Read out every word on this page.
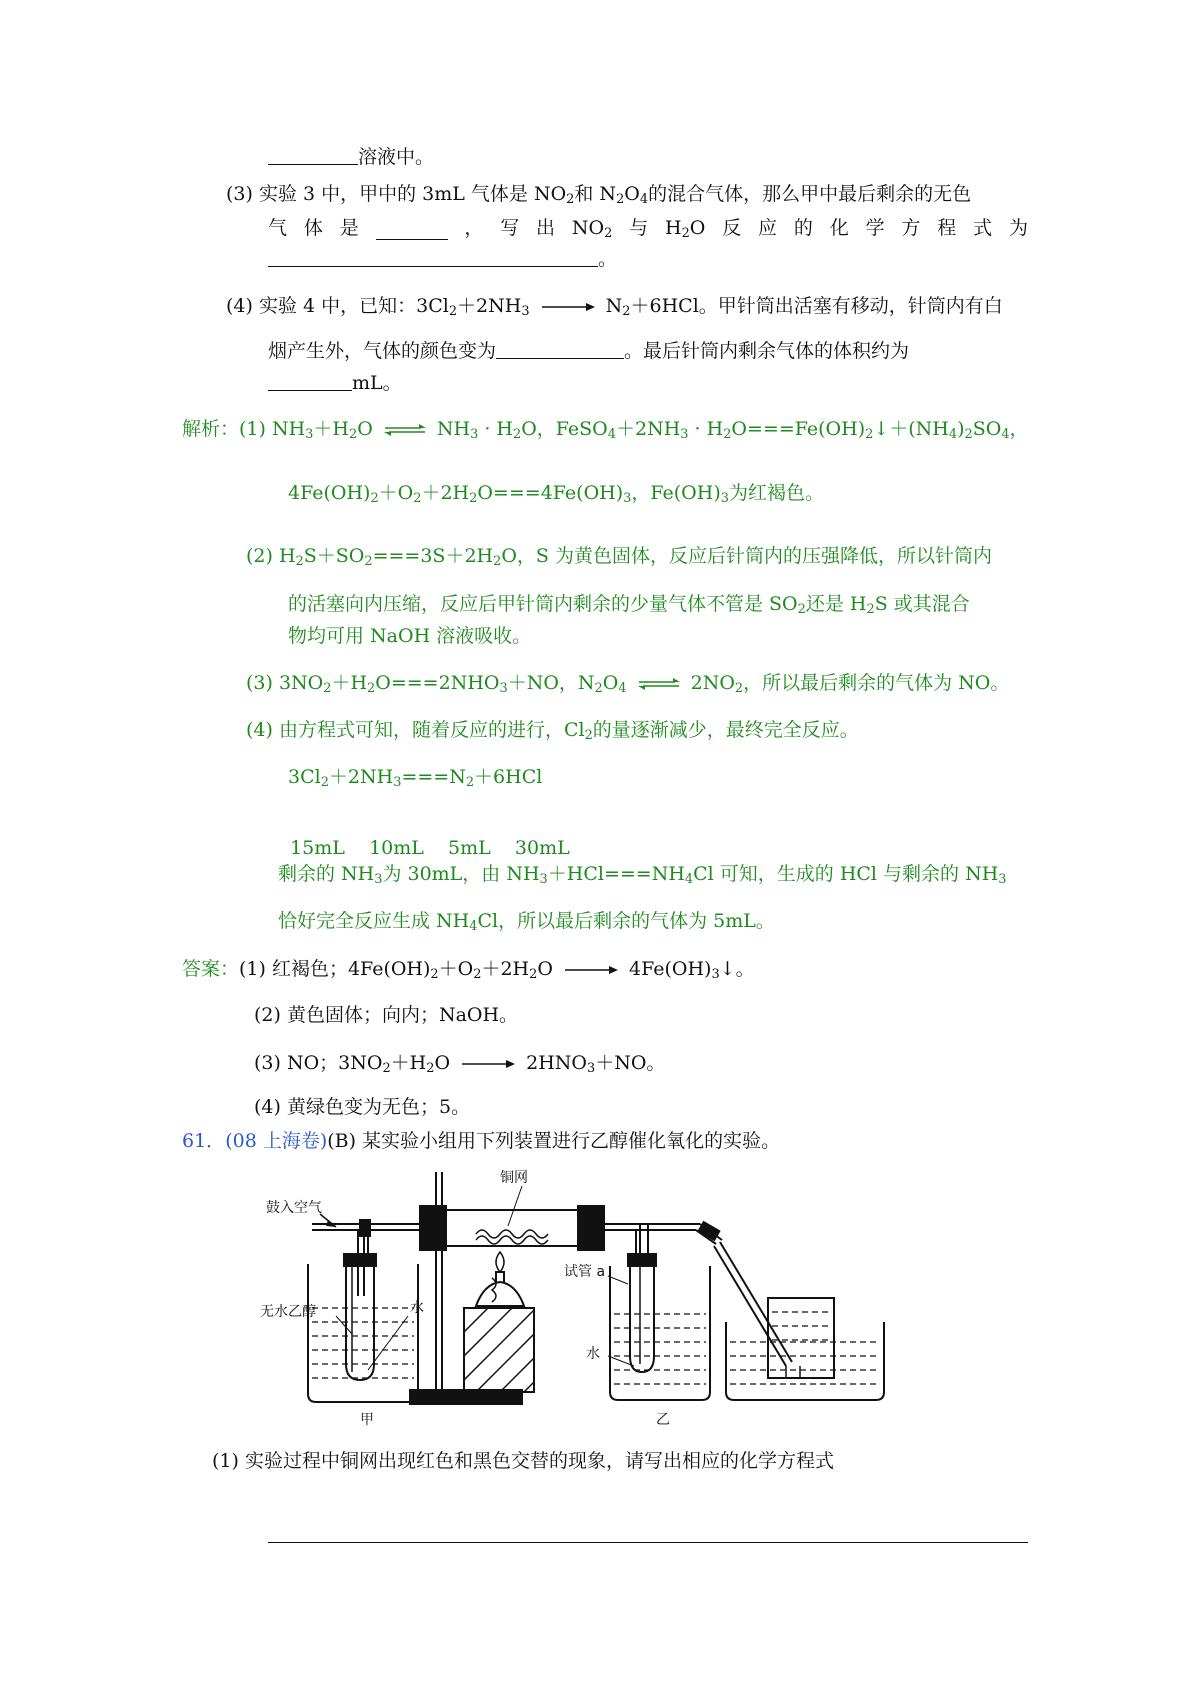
溶液中。
(3) 实验 3 中，甲中的 3mL 气体是 $NO_2$和 $N_2O_4$的混合气体，那么甲中最后剩余的无色
气 体 是	， 写 出 $NO_2$ 与 $H_2O$ 反 应 的 化 学 方 程 式 为
。
(4) 实验 4 中，已知：$3Cl_2+2NH_3 \to N_2+6HCl$。甲针筒出活塞有移动，针筒内有白
烟产生外，气体的颜色变为	。最后针筒内剩余气体的体积约为
mL。
解析：(1) $NH_3+H_2O$ ⇌ $NH_3 \cdot H_2O$，$FeSO_4+2NH_3$ · $H_2O===Fe(OH)_2↓+(NH_4)_2SO_4$，
$4Fe(OH)_2+O_2+2H_2O===4Fe(OH)_3$，$Fe(OH)_3$为红褐色。
(2) $H_2S+SO_2===3S+2H_2O$，S 为黄色固体，反应后针筒内的压强降低，所以针筒内
的活塞向内压缩，反应后甲针筒内剩余的少量气体不管是 $SO_2$还是 $H_2S$ 或其混合
物均可用 NaOH 溶液吸收。
(3) $3NO_2+H_2O===2NHO_3+NO$，$N_2O_4$ ⇌ $2NO_2$，所以最后剩余的气体为 NO。
(4) 由方程式可知，随着反应的进行，$Cl_2$的量逐渐减少，最终完全反应。
$3Cl_2+2NH_3===N_2+6HCl$

15mL    10mL    5mL    30mL

剩余的 $NH_3$为 30mL，由 $NH_3+HCl===NH_4Cl$ 可知，生成的 HCl 与剩余的 $NH_3$
恰好完全反应生成 $NH_4Cl$，所以最后剩余的气体为 5mL。
答案：(1) 红褐色；$4Fe(OH)_2+O_2+2H_2O$ → $4Fe(OH)_3↓$。
(2) 黄色固体；向内；NaOH。
(3) NO；$3NO_2+H_2O \to 2HNO_3+NO$。
(4) 黄绿色变为无色；5。
61．(08 上海卷)(B) 某实验小组用下列装置进行乙醇催化氧化的实验。
鼓入空气
铜网
无水乙醇	水
试管 a
水
甲	乙
(1) 实验过程中铜网出现红色和黑色交替的现象，请写出相应的化学方程式
